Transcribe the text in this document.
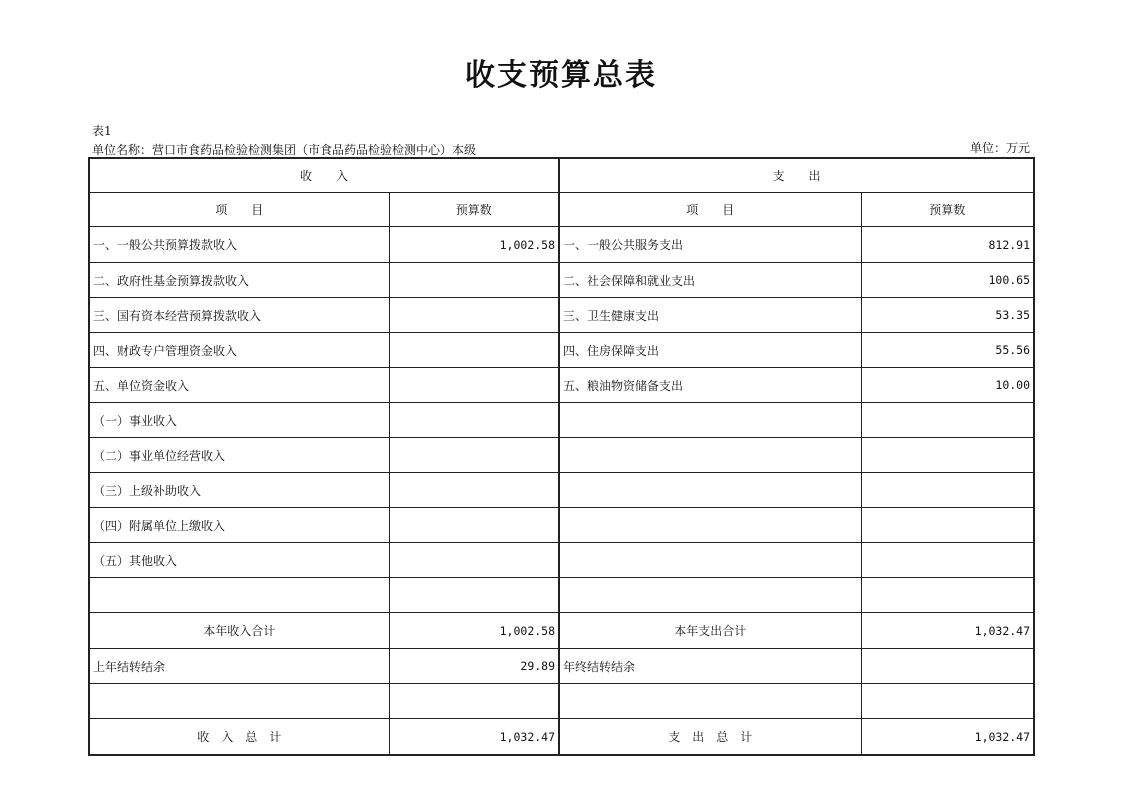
收支预算总表
表1
单位名称：营口市食药品检验检测集团（市食品药品检验检测中心）本级	单位：万元
收　　入		支　　出	
项　　目	预算数	项　　目	预算数
一、一般公共预算拨款收入	1,002.58	一、一般公共服务支出	812.91
二、政府性基金预算拨款收入		二、社会保障和就业支出	100.65
三、国有资本经营预算拨款收入		三、卫生健康支出	53.35
四、财政专户管理资金收入		四、住房保障支出	55.56
五、单位资金收入		五、粮油物资储备支出	10.00
（一）事业收入			
（二）事业单位经营收入			
（三）上级补助收入			
（四）附属单位上缴收入			
（五）其他收入			

本年收入合计	1,002.58	本年支出合计	1,032.47
上年结转结余	29.89	年终结转结余	

收　入　总　计	1,032.47	支　出　总　计	1,032.47
